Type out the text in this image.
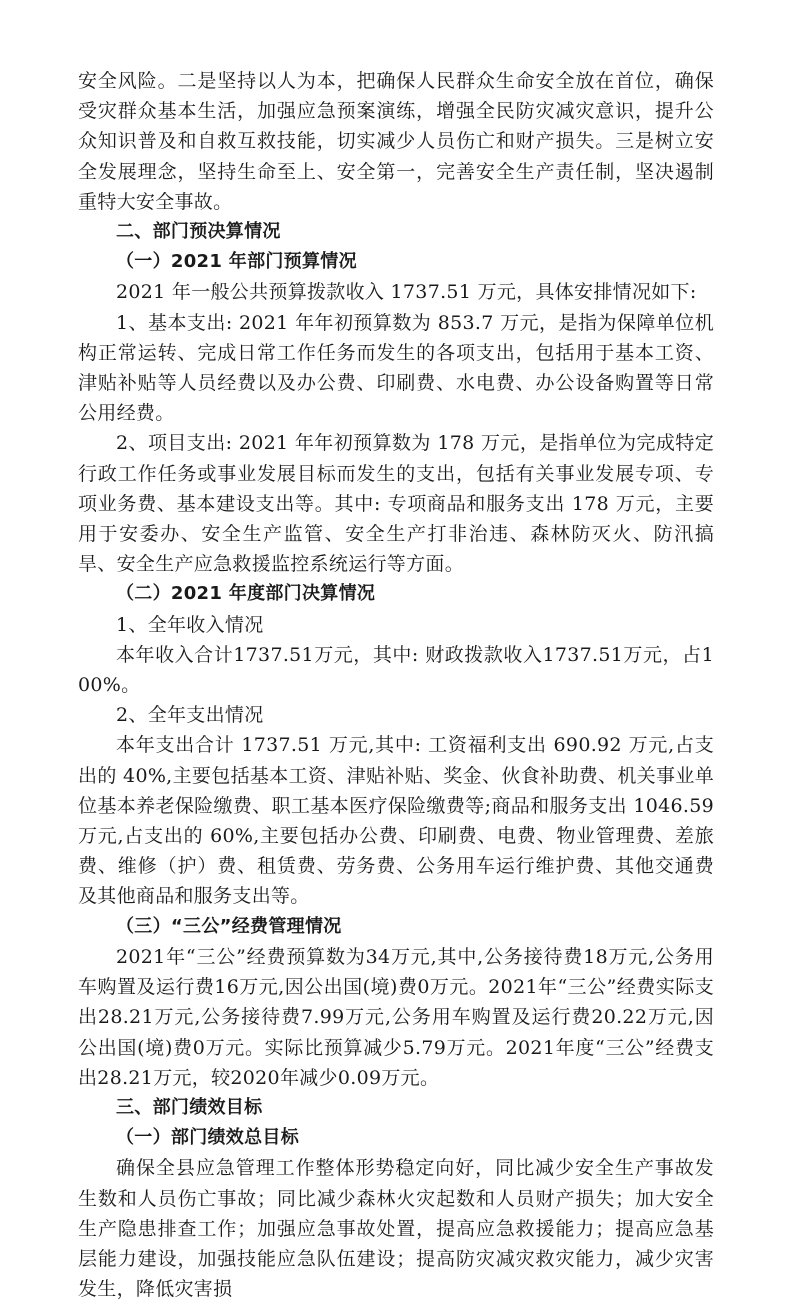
安全风险。二是坚持以人为本，把确保人民群众生命安全放在首位，确保受灾群众基本生活，加强应急预案演练，增强全民防灾减灾意识，提升公众知识普及和自救互救技能，切实减少人员伤亡和财产损失。三是树立安全发展理念，坚持生命至上、安全第一，完善安全生产责任制，坚决遏制重特大安全事故。

二、部门预决算情况

（一）2021 年部门预算情况

2021 年一般公共预算拨款收入 1737.51 万元，具体安排情况如下:

1、基本支出: 2021 年年初预算数为 853.7 万元，是指为保障单位机构正常运转、完成日常工作任务而发生的各项支出，包括用于基本工资、津贴补贴等人员经费以及办公费、印刷费、水电费、办公设备购置等日常公用经费。

2、项目支出: 2021 年年初预算数为 178 万元，是指单位为完成特定行政工作任务或事业发展目标而发生的支出，包括有关事业发展专项、专项业务费、基本建设支出等。其中: 专项商品和服务支出 178 万元，主要用于安委办、安全生产监管、安全生产打非治违、森林防灭火、防汛搞旱、安全生产应急救援监控系统运行等方面。

（二）2021 年度部门决算情况

1、全年收入情况

本年收入合计1737.51万元，其中: 财政拨款收入1737.51万元，占100%。

2、全年支出情况

本年支出合计 1737.51 万元,其中: 工资福利支出 690.92 万元,占支出的 40%,主要包括基本工资、津贴补贴、奖金、伙食补助费、机关事业单位基本养老保险缴费、职工基本医疗保险缴费等;商品和服务支出 1046.59 万元,占支出的 60%,主要包括办公费、印刷费、电费、物业管理费、差旅费、维修（护）费、租赁费、劳务费、公务用车运行维护费、其他交通费及其他商品和服务支出等。

（三）“三公”经费管理情况

2021年“三公”经费预算数为34万元,其中,公务接待费18万元,公务用车购置及运行费16万元,因公出国(境)费0万元。2021年“三公”经费实际支出28.21万元,公务接待费7.99万元,公务用车购置及运行费20.22万元,因公出国(境)费0万元。实际比预算减少5.79万元。2021年度“三公”经费支出28.21万元，较2020年减少0.09万元。

三、部门绩效目标

（一）部门绩效总目标

确保全县应急管理工作整体形势稳定向好，同比减少安全生产事故发生数和人员伤亡事故；同比减少森林火灾起数和人员财产损失；加大安全生产隐患排查工作；加强应急事故处置，提高应急救援能力；提高应急基层能力建设，加强技能应急队伍建设；提高防灾减灾救灾能力，减少灾害发生，降低灾害损
